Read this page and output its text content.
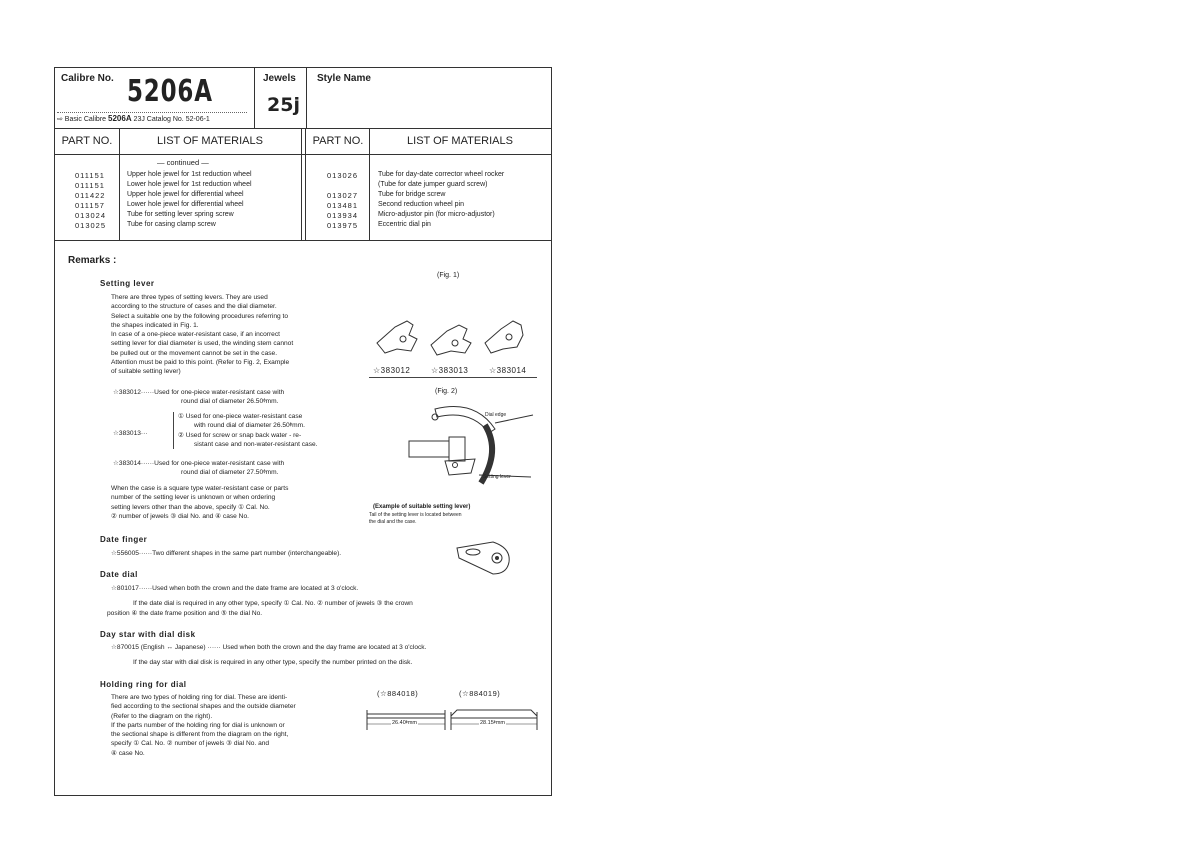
Calibre No. 5206A
⇨ Basic Calibre 5206A 23J Catalog No. 52-06-1
Jewels
25j
Style Name
PART NO.	LIST OF MATERIALS	PART NO.	LIST OF MATERIALS
— continued —
011151	Upper hole jewel for 1st reduction wheel
011151	Lower hole jewel for 1st reduction wheel
011422	Upper hole jewel for differential wheel
011157	Lower hole jewel for differential wheel
013024	Tube for setting lever spring screw
013025	Tube for casing clamp screw
013026	Tube for day-date corrector wheel rocker
(Tube for date jumper guard screw)
013027	Tube for bridge screw
013481	Second reduction wheel pin
013934	Micro-adjustor pin (for micro-adjustor)
013975	Eccentric dial pin
Remarks :
Setting lever
There are three types of setting levers. They are used
according to the structure of cases and the dial diameter.
Select a suitable one by the following procedures referring to
the shapes indicated in Fig. 1.
In case of a one-piece water-resistant case, if an incorrect
setting lever for dial diameter is used, the winding stem cannot
be pulled out or the movement cannot be set in the case.
Attention must be paid to this point. (Refer to Fig. 2, Example
of suitable setting lever)
☆383012······Used for one-piece water-resistant case with
round dial of diameter 26.50ᶲmm.
☆383013···
① Used for one-piece water-resistant case
with round dial of diameter 26.50ᶲmm.
② Used for screw or snap back water - re-
sistant case and non-water-resistant case.
☆383014······Used for one-piece water-resistant case with
round dial of diameter 27.50ᶲmm.
When the case is a square type water-resistant case or parts
number of the setting lever is unknown or when ordering
setting levers other than the above, specify ① Cal. No.
② number of jewels ③ dial No. and ④ case No.
(Fig. 1)
☆383012	☆383013	☆383014
(Fig. 2)
Dial edge
Setting lever
(Example of suitable setting lever)
Tail of the setting lever is located between
the dial and the case.
Date finger
☆556005······Two different shapes in the same part number (interchangeable).
Date dial
☆801017······Used when both the crown and the date frame are located at 3 o'clock.
If the date dial is required in any other type, specify ① Cal. No. ② number of jewels ③ the crown
position ④ the date frame position and ⑤ the dial No.
Day star with dial disk
☆870015 (English ↔ Japanese) ······ Used when both the crown and the day frame are located at 3 o'clock.
If the day star with dial disk is required in any other type, specify the number printed on the disk.
Holding ring for dial
There are two types of holding ring for dial. These are identi-
fied according to the sectional shapes and the outside diameter
(Refer to the diagram on the right).
If the parts number of the holding ring for dial is unknown or
the sectional shape is different from the diagram on the right,
specify ① Cal. No. ② number of jewels ③ dial No. and
④ case No.
(☆884018)	(☆884019)
26.40ᶲmm	28.15ᶲmm
